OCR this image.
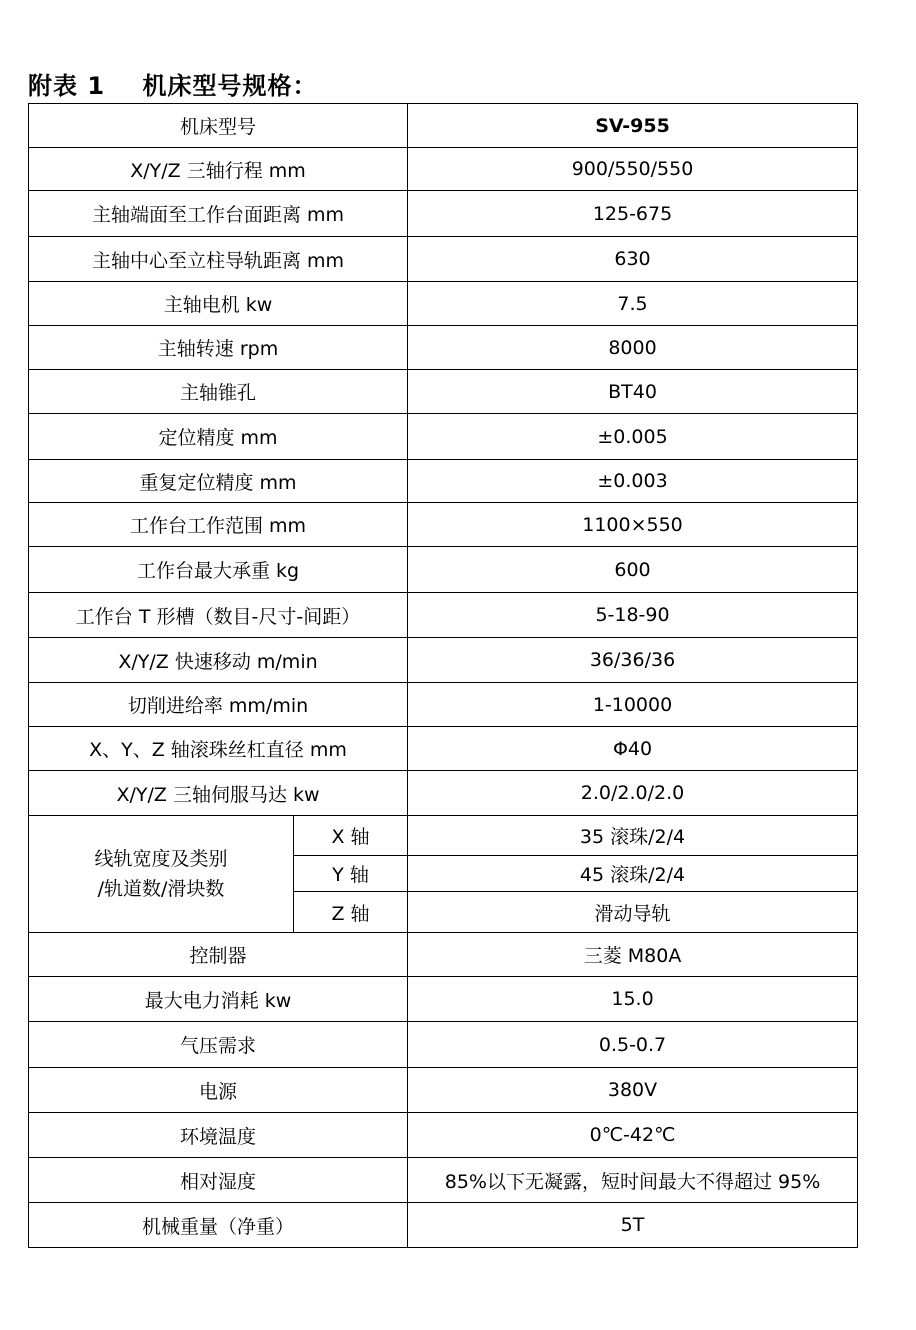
附表 1    机床型号规格：
机床型号		SV-955
X/Y/Z 三轴行程 mm		900/550/550
主轴端面至工作台面距离 mm		125-675
主轴中心至立柱导轨距离 mm		630
主轴电机 kw		7.5
主轴转速 rpm		8000
主轴锥孔		BT40
定位精度 mm		±0.005
重复定位精度 mm		±0.003
工作台工作范围 mm		1100×550
工作台最大承重 kg		600
工作台 T 形槽（数目-尺寸-间距）		5-18-90
X/Y/Z 快速移动 m/min		36/36/36
切削进给率 mm/min		1-10000
X、Y、Z 轴滚珠丝杠直径 mm		Φ40
X/Y/Z 三轴伺服马达 kw		2.0/2.0/2.0

线轨宽度及类别
/轨道数/滑块数	X 轴	35 滚珠/2/4
	Y 轴	45 滚珠/2/4
	Z 轴	滑动导轨
控制器		三菱 M80A
最大电力消耗 kw		15.0
气压需求		0.5-0.7
电源		380V
环境温度		0℃-42℃
相对湿度		85%以下无凝露，短时间最大不得超过 95%
机械重量（净重）		5T
